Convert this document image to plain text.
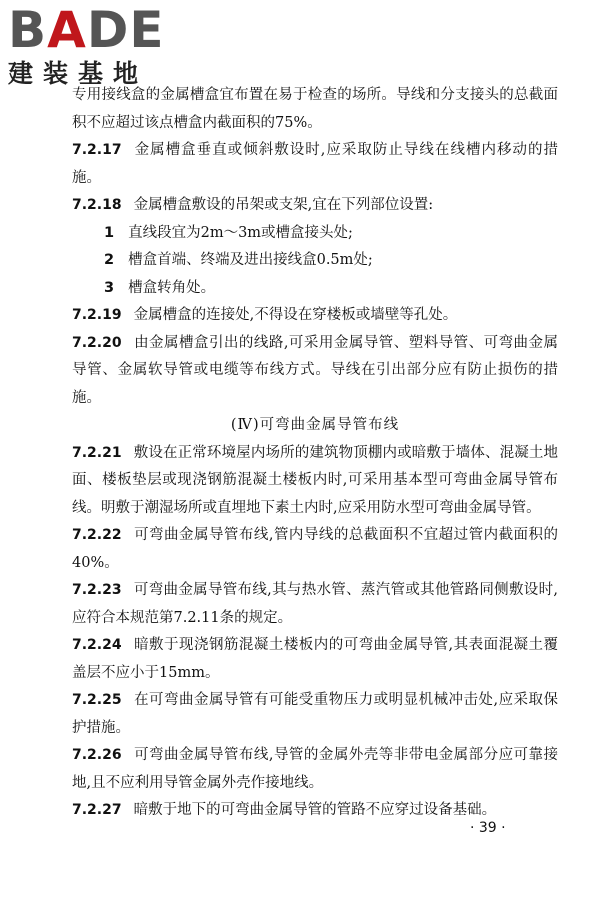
BADE
建装基地

专用接线盒的金属槽盒宜布置在易于检查的场所。导线和分支接头的总截面积不应超过该点槽盒内截面积的75%。

7.2.17 金属槽盒垂直或倾斜敷设时,应采取防止导线在线槽内移动的措施。

7.2.18 金属槽盒敷设的吊架或支架,宜在下列部位设置:

1 直线段宜为2m～3m或槽盒接头处;

2 槽盒首端、终端及进出接线盒0.5m处;

3 槽盒转角处。

7.2.19 金属槽盒的连接处,不得设在穿楼板或墙壁等孔处。

7.2.20 由金属槽盒引出的线路,可采用金属导管、塑料导管、可弯曲金属导管、金属软导管或电缆等布线方式。导线在引出部分应有防止损伤的措施。

(Ⅳ)可弯曲金属导管布线

7.2.21 敷设在正常环境屋内场所的建筑物顶棚内或暗敷于墙体、混凝土地面、楼板垫层或现浇钢筋混凝土楼板内时,可采用基本型可弯曲金属导管布线。明敷于潮湿场所或直埋地下素土内时,应采用防水型可弯曲金属导管。

7.2.22 可弯曲金属导管布线,管内导线的总截面积不宜超过管内截面积的40%。

7.2.23 可弯曲金属导管布线,其与热水管、蒸汽管或其他管路同侧敷设时,应符合本规范第7.2.11条的规定。

7.2.24 暗敷于现浇钢筋混凝土楼板内的可弯曲金属导管,其表面混凝土覆盖层不应小于15mm。

7.2.25 在可弯曲金属导管有可能受重物压力或明显机械冲击处,应采取保护措施。

7.2.26 可弯曲金属导管布线,导管的金属外壳等非带电金属部分应可靠接地,且不应利用导管金属外壳作接地线。

7.2.27 暗敷于地下的可弯曲金属导管的管路不应穿过设备基础。

· 39 ·
